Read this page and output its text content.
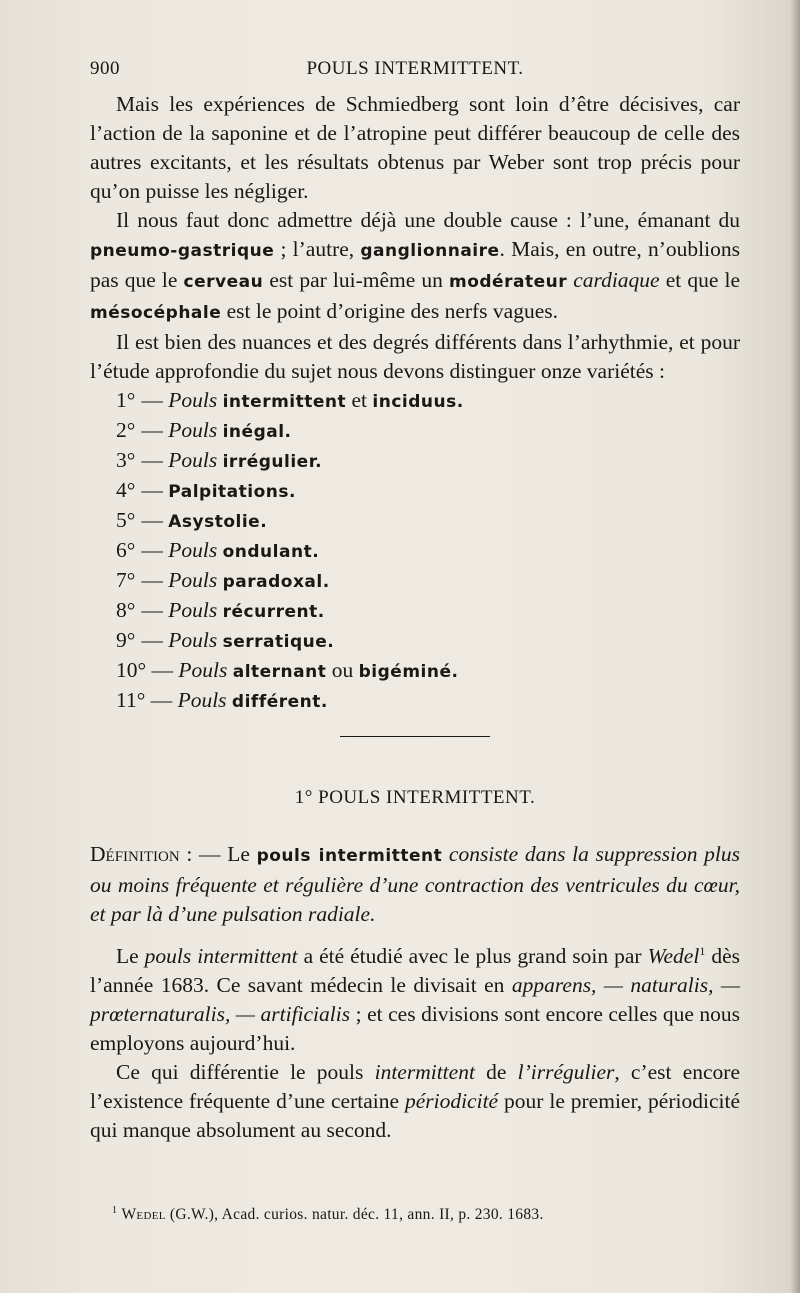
900	POULS INTERMITTENT.

Mais les expériences de Schmiedberg sont loin d’être décisives, car l’action de la saponine et de l’atropine peut différer beaucoup de celle des autres excitants, et les résultats obtenus par Weber sont trop précis pour qu’on puisse les négliger.

Il nous faut donc admettre déjà une double cause : l’une, émanant du pneumo-gastrique ; l’autre, ganglionnaire. Mais, en outre, n’oublions pas que le cerveau est par lui-même un modérateur cardiaque et que le mésocéphale est le point d’origine des nerfs vagues.

Il est bien des nuances et des degrés différents dans l’arhythmie, et pour l’étude approfondie du sujet nous devons distinguer onze variétés :

1° — Pouls intermittent et inciduus.
2° — Pouls inégal.
3° — Pouls irrégulier.
4° — Palpitations.
5° — Asystolie.
6° — Pouls ondulant.
7° — Pouls paradoxal.
8° — Pouls récurrent.
9° — Pouls serratique.
10° — Pouls alternant ou bigéminé.
11° — Pouls différent.
1° POULS INTERMITTENT.

Définition : — Le pouls intermittent consiste dans la suppression plus ou moins fréquente et régulière d’une contraction des ventricules du cœur, et par là d’une pulsation radiale.

Le pouls intermittent a été étudié avec le plus grand soin par Wedel$^1$ dès l’année 1683. Ce savant médecin le divisait en apparens, — naturalis, — prœternaturalis, — artificialis ; et ces divisions sont encore celles que nous employons aujourd’hui.

Ce qui différentie le pouls intermittent de l’irrégulier, c’est encore l’existence fréquente d’une certaine périodicité pour le premier, périodicité qui manque absolument au second.

$^1$ Wedel (G.W.), Acad. curios. natur. déc. 11, ann. II, p. 230. 1683.
